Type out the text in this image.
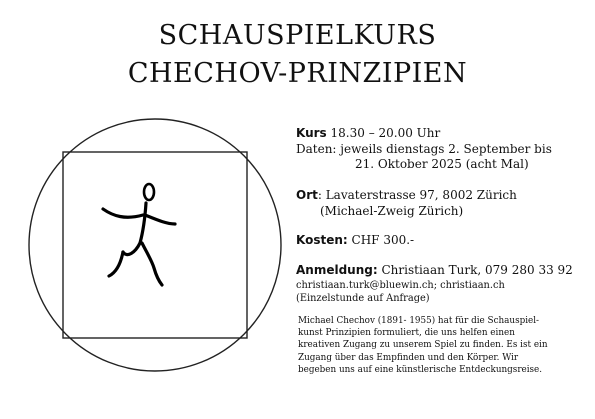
SCHAUSPIELKURS
CHECHOV-PRINZIPIEN
Kurs 18.30 – 20.00 Uhr
Daten: jeweils dienstags 2. September bis
21. Oktober 2025 (acht Mal)
Ort: Lavaterstrasse 97, 8002 Zürich
(Michael-Zweig Zürich)
Kosten: CHF 300.-
Anmeldung: Christiaan Turk, 079 280 33 92
christiaan.turk@bluewin.ch; christiaan.ch
(Einzelstunde auf Anfrage)
Michael Chechov (1891- 1955) hat für die Schauspiel-
kunst Prinzipien formuliert, die uns helfen einen
kreativen Zugang zu unserem Spiel zu finden. Es ist ein
Zugang über das Empfinden und den Körper. Wir
begeben uns auf eine künstlerische Entdeckungsreise.
